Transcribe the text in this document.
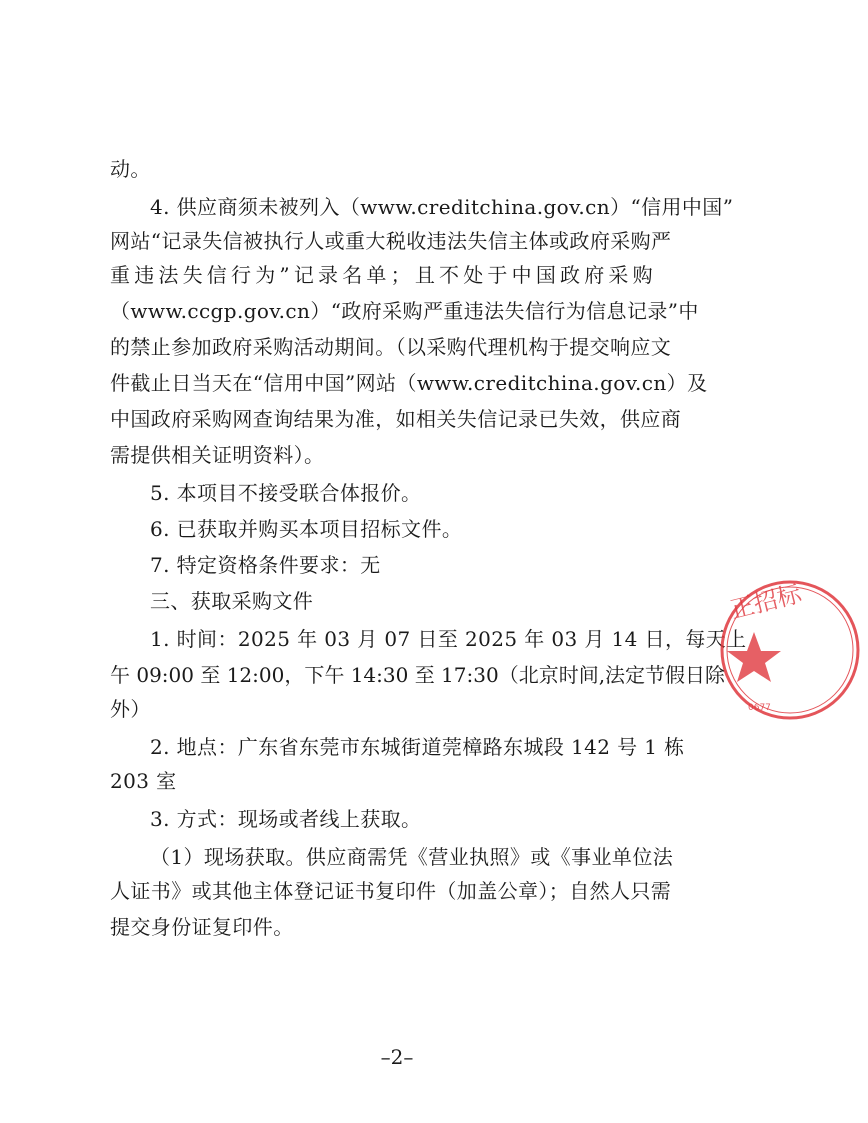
动。
4. 供应商须未被列入（www.creditchina.gov.cn）“信用中国”
网站“记录失信被执行人或重大税收违法失信主体或政府采购严
重违法失信行为”记录名单；且不处于中国政府采购
（www.ccgp.gov.cn）“政府采购严重违法失信行为信息记录”中
的禁止参加政府采购活动期间。（以采购代理机构于提交响应文
件截止日当天在“信用中国”网站（www.creditchina.gov.cn）及
中国政府采购网查询结果为准，如相关失信记录已失效，供应商
需提供相关证明资料）。
5. 本项目不接受联合体报价。
6. 已获取并购买本项目招标文件。
7. 特定资格条件要求：无
三、获取采购文件
1. 时间：2025 年 03 月 07 日至 2025 年 03 月 14 日，每天上
午 09:00 至 12:00，下午 14:30 至 17:30（北京时间,法定节假日除
外）
2. 地点：广东省东莞市东城街道莞樟路东城段 142 号 1 栋
203 室
3. 方式：现场或者线上获取。
（1）现场获取。供应商需凭《营业执照》或《事业单位法
人证书》或其他主体登记证书复印件（加盖公章）；自然人只需
提交身份证复印件。
–2–
正招标
0677
